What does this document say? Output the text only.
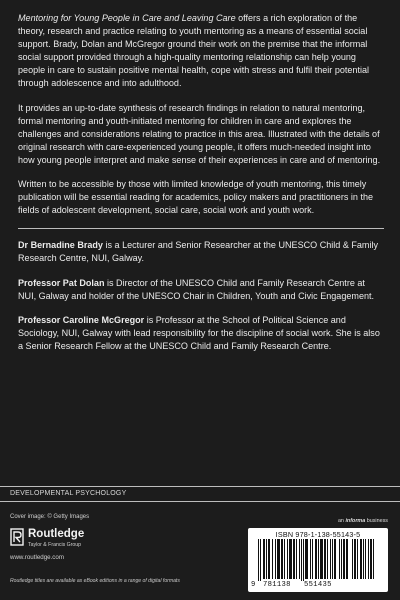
Mentoring for Young People in Care and Leaving Care offers a rich exploration of the theory, research and practice relating to youth mentoring as a means of essential social support. Brady, Dolan and McGregor ground their work on the premise that the informal social support provided through a high-quality mentoring relationship can help young people in care to sustain positive mental health, cope with stress and fulfil their potential through adolescence and into adulthood.

It provides an up-to-date synthesis of research findings in relation to natural mentoring, formal mentoring and youth-initiated mentoring for children in care and explores the challenges and considerations relating to practice in this area. Illustrated with the details of original research with care-experienced young people, it offers much-needed insight into how young people interpret and make sense of their experiences in care and of mentoring.

Written to be accessible by those with limited knowledge of youth mentoring, this timely publication will be essential reading for academics, policy makers and practitioners in the fields of adolescent development, social care, social work and youth work.

Dr Bernadine Brady is a Lecturer and Senior Researcher at the UNESCO Child & Family Research Centre, NUI, Galway.

Professor Pat Dolan is Director of the UNESCO Child and Family Research Centre at NUI, Galway and holder of the UNESCO Chair in Children, Youth and Civic Engagement.

Professor Caroline McGregor is Professor at the School of Political Science and Sociology, NUI, Galway with lead responsibility for the discipline of social work. She is also a Senior Research Fellow at the UNESCO Child and Family Research Centre.

DEVELOPMENTAL PSYCHOLOGY
Cover image: © Getty Images
Routledge
Taylor & Francis Group
www.routledge.com
Routledge titles are available as eBook editions in a range of digital formats
an informa business
ISBN 978-1-138-55143-5
9 781138 551435
